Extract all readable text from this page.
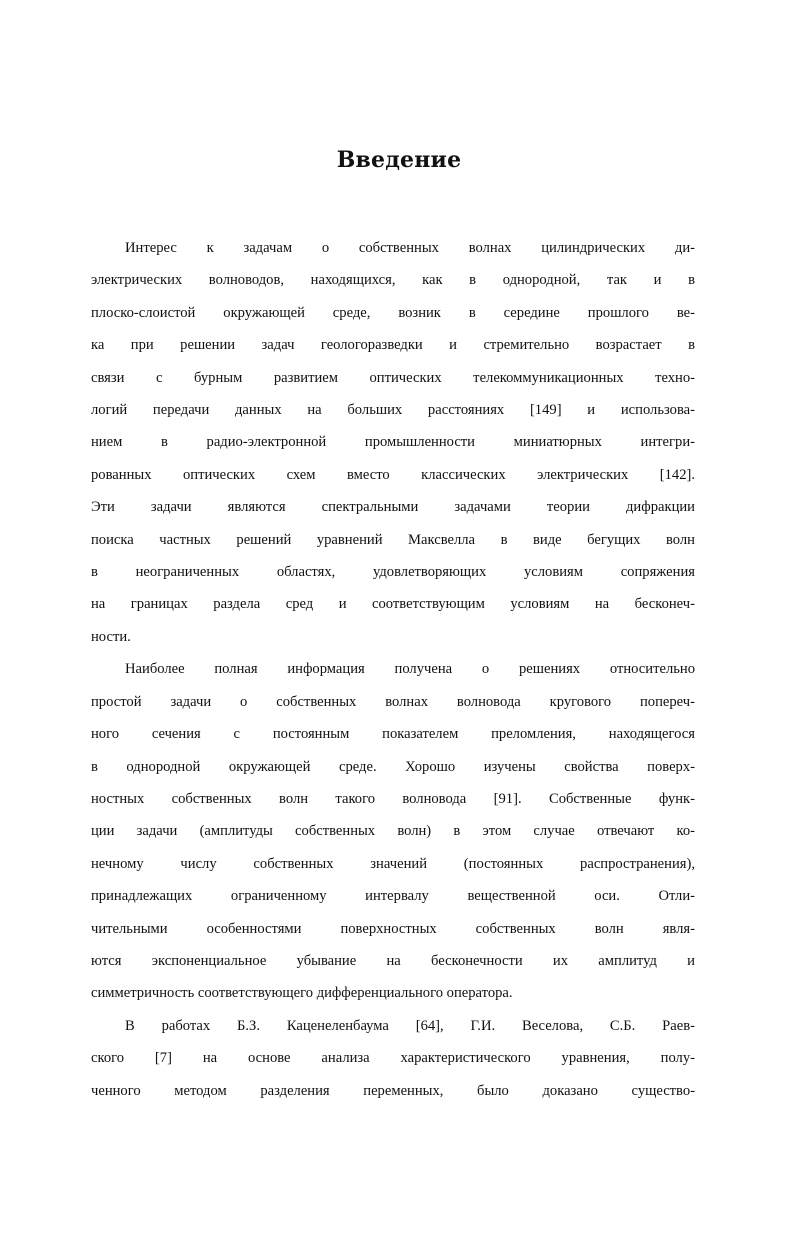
Введение

Интерес к задачам о собственных волнах цилиндрических ди-
электрических волноводов, находящихся, как в однородной, так и в
плоско-слоистой окружающей среде, возник в середине прошлого ве-
ка при решении задач геологоразведки и стремительно возрастает в
связи с бурным развитием оптических телекоммуникационных техно-
логий передачи данных на больших расстояниях [149] и использова-
нием в радио-электронной промышленности миниатюрных интегри-
рованных оптических схем вместо классических электрических [142].
Эти задачи являются спектральными задачами теории дифракции
поиска частных решений уравнений Максвелла в виде бегущих волн
в неограниченных областях, удовлетворяющих условиям сопряжения
на границах раздела сред и соответствующим условиям на бесконеч-
ности.

Наиболее полная информация получена о решениях относительно
простой задачи о собственных волнах волновода кругового попереч-
ного сечения с постоянным показателем преломления, находящегося
в однородной окружающей среде. Хорошо изучены свойства поверх-
ностных собственных волн такого волновода [91]. Собственные функ-
ции задачи (амплитуды собственных волн) в этом случае отвечают ко-
нечному числу собственных значений (постоянных распространения),
принадлежащих ограниченному интервалу вещественной оси. Отли-
чительными особенностями поверхностных собственных волн явля-
ются экспоненциальное убывание на бесконечности их амплитуд и
симметричность соответствующего дифференциального оператора.

В работах Б.З. Каценеленбаума [64], Г.И. Веселова, С.Б. Раев-
ского [7] на основе анализа характеристического уравнения, полу-
ченного методом разделения переменных, было доказано существо-
